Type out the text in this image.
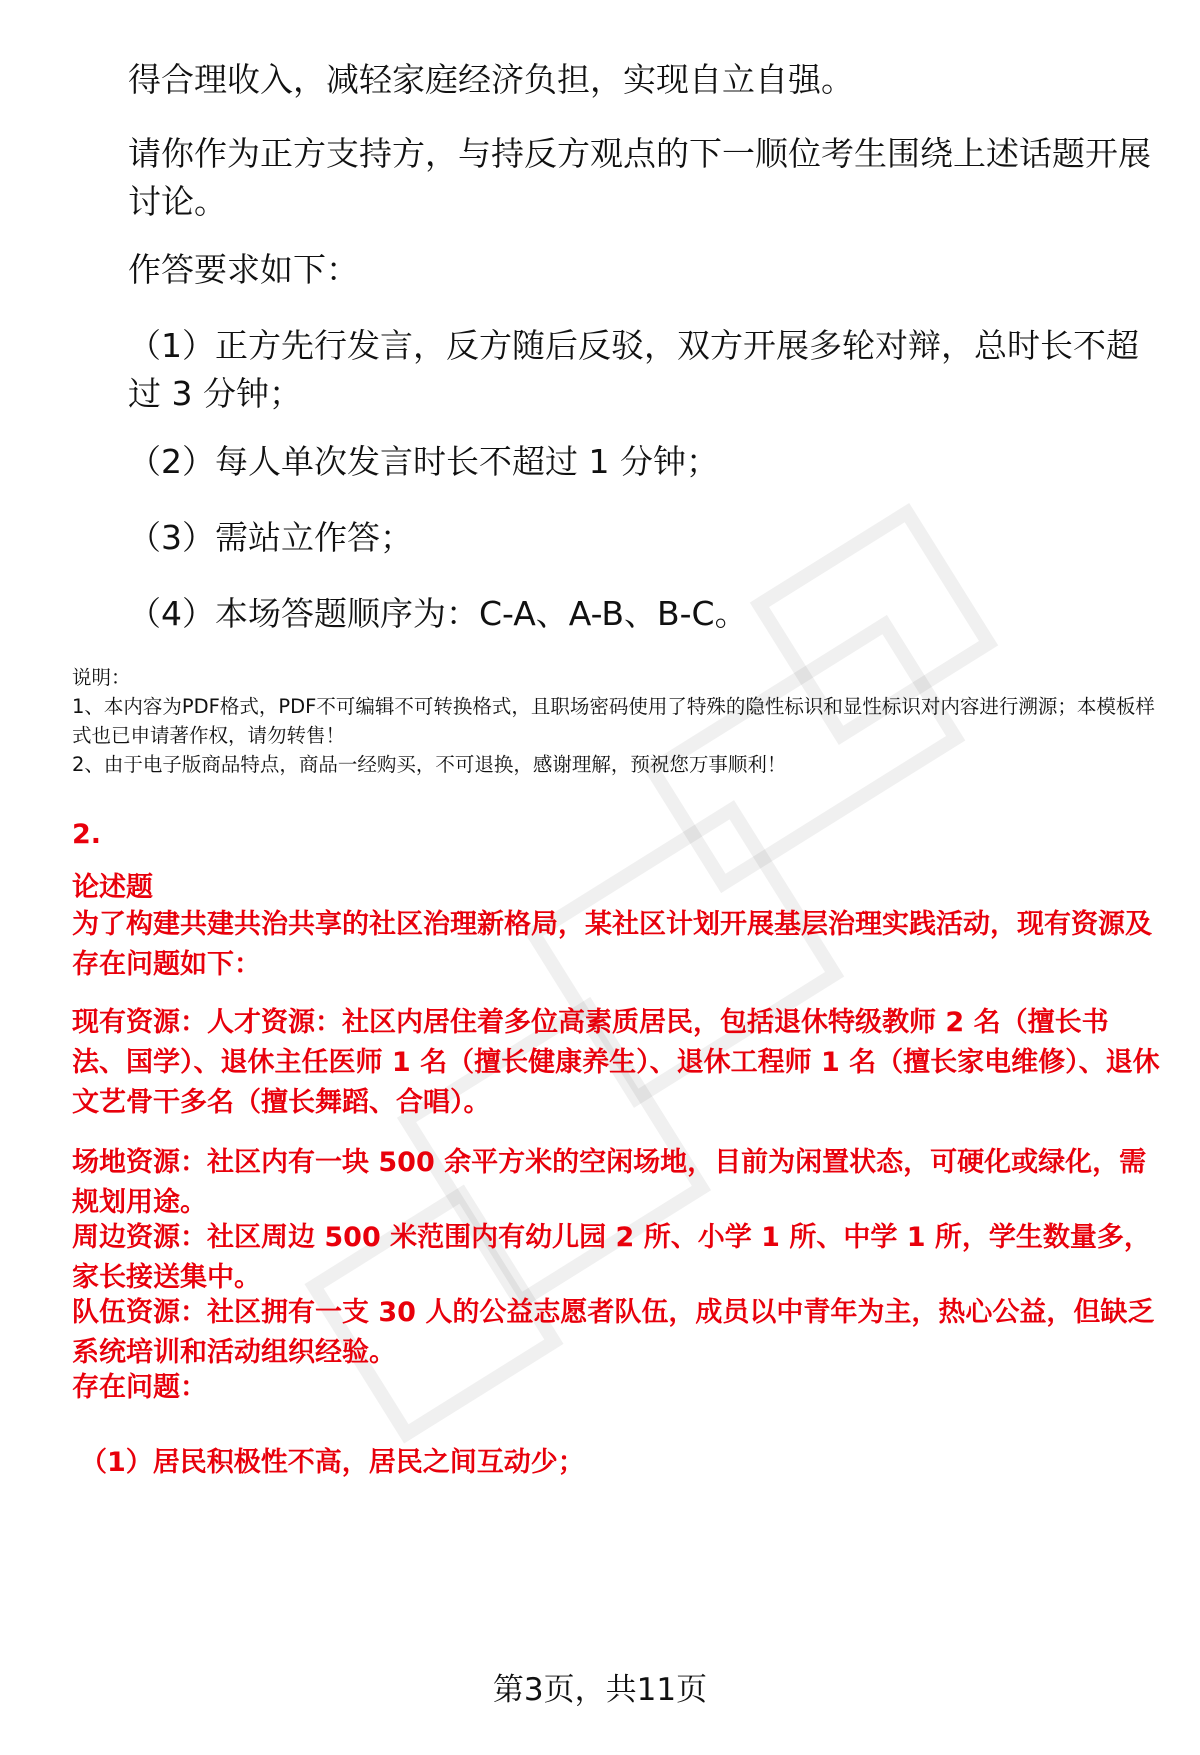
得合理收入，减轻家庭经济负担，实现自立自强。

请你作为正方支持方，与持反方观点的下一顺位考生围绕上述话题开展讨论。

作答要求如下：

（1）正方先行发言，反方随后反驳，双方开展多轮对辩，总时长不超过 3 分钟；

（2）每人单次发言时长不超过 1 分钟；

（3）需站立作答；

（4）本场答题顺序为：C-A、A-B、B-C。

说明：

1、本内容为PDF格式，PDF不可编辑不可转换格式，且职场密码使用了特殊的隐性标识和显性标识对内容进行溯源；本模板样式也已申请著作权，请勿转售！

2、由于电子版商品特点，商品一经购买，不可退换，感谢理解，预祝您万事顺利！

2.

论述题

为了构建共建共治共享的社区治理新格局，某社区计划开展基层治理实践活动，现有资源及存在问题如下：

现有资源：人才资源：社区内居住着多位高素质居民，包括退休特级教师 2 名（擅长书法、国学）、退休主任医师 1 名（擅长健康养生）、退休工程师 1 名（擅长家电维修）、退休文艺骨干多名（擅长舞蹈、合唱）。

场地资源：社区内有一块 500 余平方米的空闲场地，目前为闲置状态，可硬化或绿化，需规划用途。

周边资源：社区周边 500 米范围内有幼儿园 2 所、小学 1 所、中学 1 所，学生数量多，家长接送集中。

队伍资源：社区拥有一支 30 人的公益志愿者队伍，成员以中青年为主，热心公益，但缺乏系统培训和活动组织经验。

存在问题：

（1）居民积极性不高，居民之间互动少；

第3页，共11页
